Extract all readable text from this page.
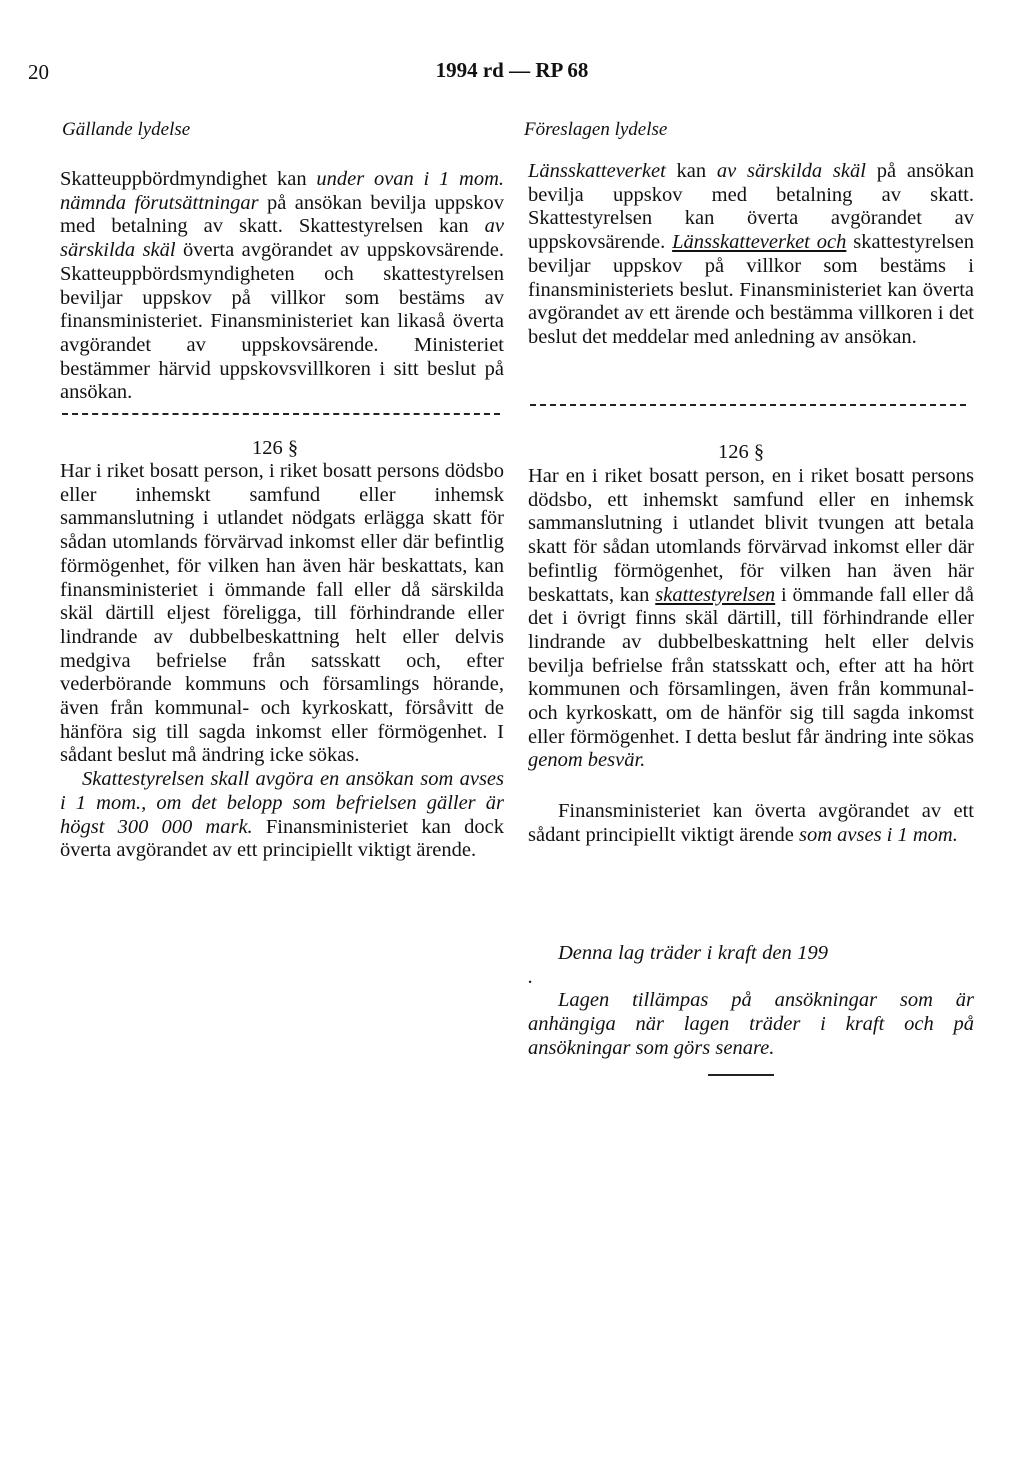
20	1994 rd — RP 68
Gällande lydelse	Föreslagen lydelse

Skatteuppbördmyndighet kan under ovan i 1 mom. nämnda förutsättningar på ansökan bevilja uppskov med betalning av skatt. Skattestyrelsen kan av särskilda skäl överta avgörandet av uppskovsärende. Skatteuppbördsmyndigheten och skattestyrelsen beviljar uppskov på villkor som bestäms av finansministeriet. Finansministeriet kan likaså överta avgörandet av uppskovsärende. Ministeriet bestämmer härvid uppskovsvillkoren i sitt beslut på ansökan.

126 §

Har i riket bosatt person, i riket bosatt persons dödsbo eller inhemskt samfund eller inhemsk sammanslutning i utlandet nödgats erlägga skatt för sådan utomlands förvärvad inkomst eller där befintlig förmögenhet, för vilken han även här beskattats, kan finansministeriet i ömmande fall eller då särskilda skäl därtill eljest föreligga, till förhindrande eller lindrande av dubbelbeskattning helt eller delvis medgiva befrielse från satsskatt och, efter vederbörande kommuns och församlings hörande, även från kommunal- och kyrkoskatt, försåvitt de hänföra sig till sagda inkomst eller förmögenhet. I sådant beslut må ändring icke sökas.

Skattestyrelsen skall avgöra en ansökan som avses i 1 mom., om det belopp som befrielsen gäller är högst 300 000 mark. Finansministeriet kan dock överta avgörandet av ett principiellt viktigt ärende.

Länsskatteverket kan av särskilda skäl på ansökan bevilja uppskov med betalning av skatt. Skattestyrelsen kan överta avgörandet av uppskovsärende. Länsskatteverket och skattestyrelsen beviljar uppskov på villkor som bestäms i finansministeriets beslut. Finansministeriet kan överta avgörandet av ett ärende och bestämma villkoren i det beslut det meddelar med anledning av ansökan.

126 §

Har en i riket bosatt person, en i riket bosatt persons dödsbo, ett inhemskt samfund eller en inhemsk sammanslutning i utlandet blivit tvungen att betala skatt för sådan utomlands förvärvad inkomst eller där befintlig förmögenhet, för vilken han även här beskattats, kan skattestyrelsen i ömmande fall eller då det i övrigt finns skäl därtill, till förhindrande eller lindrande av dubbelbeskattning helt eller delvis bevilja befrielse från statsskatt och, efter att ha hört kommunen och församlingen, även från kommunal- och kyrkoskatt, om de hänför sig till sagda inkomst eller förmögenhet. I detta beslut får ändring inte sökas genom besvär.

Finansministeriet kan överta avgörandet av ett sådant principiellt viktigt ärende som avses i 1 mom.

Denna lag träder i kraft den 199 .

Lagen tillämpas på ansökningar som är anhängiga när lagen träder i kraft och på ansökningar som görs senare.
